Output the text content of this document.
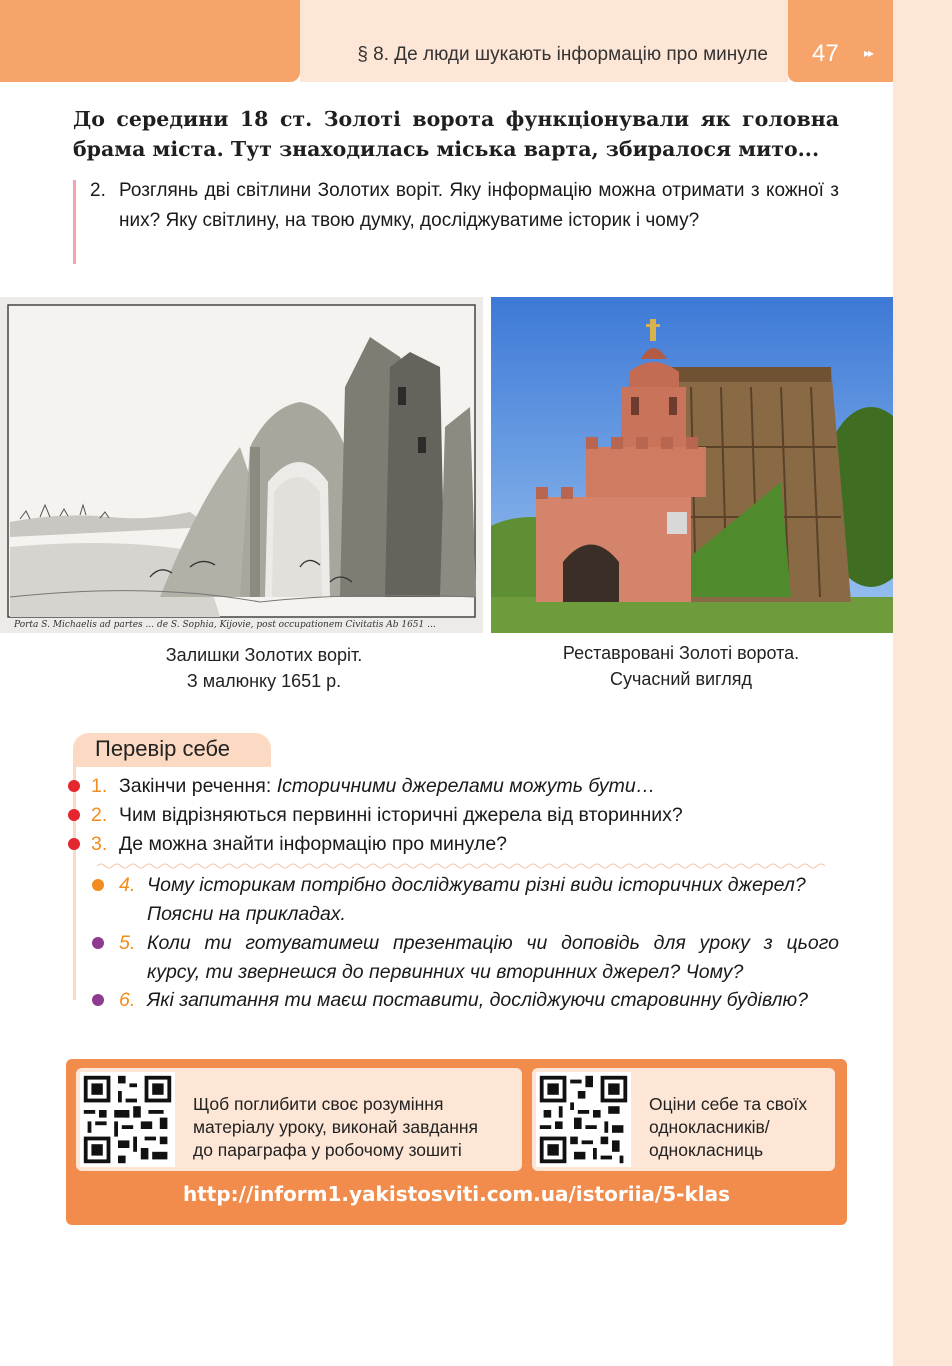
§ 8. Де люди шукають інформацію про минуле 47 ▸▸
До середини 18 ст. Золоті ворота функціонували як головна брама міста. Тут знаходилась міська варта, збиралося мито...
2. Розглянь дві світлини Золотих воріт. Яку інформацію можна отримати з кожної з них? Яку світлину, на твою думку, досліджуватиме історик і чому?
Porta S. Michaelis ad partes ... de S. Sophia, Kijovie, post occupationem Civitatis Ab 1651 ...
Залишки Золотих воріт.
З малюнку 1651 р.
Реставровані Золоті ворота.
Сучасний вигляд
Перевір себе
1. Закінчи речення: Історичними джерелами можуть бути…
2. Чим відрізняються первинні історичні джерела від вторинних?
3. Де можна знайти інформацію про минуле?
4. Чому історикам потрібно досліджувати різні види історичних джерел?
Поясни на прикладах.
5. Коли ти готуватимеш презентацію чи доповідь для уроку з цього
курсу, ти звернешся до первинних чи вторинних джерел? Чому?
6. Які запитання ти маєш поставити, досліджуючи старовинну будівлю?
Щоб поглибити своє розуміння
матеріалу уроку, виконай завдання
до параграфа у робочому зошиті
Оціни себе та своїх
однокласників/
однокласниць
http://inform1.yakistosviti.com.ua/istoriia/5-klas
